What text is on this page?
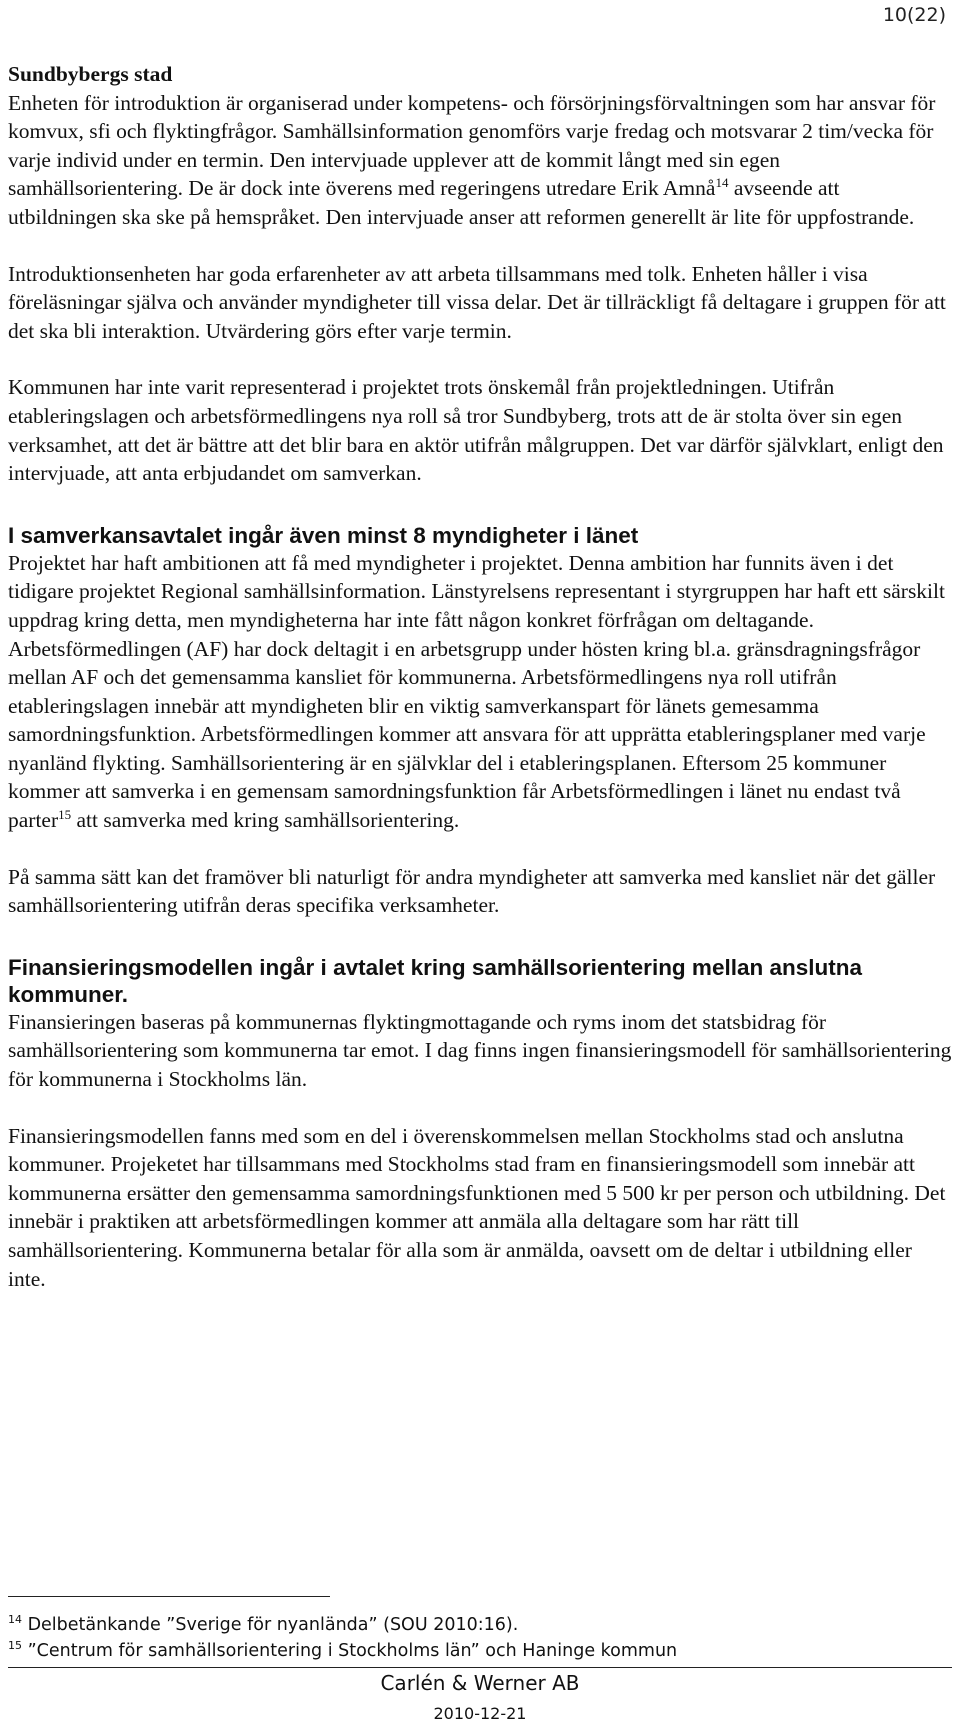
10(22)
Sundbybergs stad

Enheten för introduktion är organiserad under kompetens- och försörjningsförvaltningen som har ansvar för komvux, sfi och flyktingfrågor. Samhällsinformation genomförs varje fredag och motsvarar 2 tim/vecka för varje individ under en termin. Den intervjuade upplever att de kommit långt med sin egen samhällsorientering. De är dock inte överens med regeringens utredare Erik Amnå$^{14}$ avseende att utbildningen ska ske på hemspråket. Den intervjuade anser att reformen generellt är lite för uppfostrande.

Introduktionsenheten har goda erfarenheter av att arbeta tillsammans med tolk. Enheten håller i visa föreläsningar själva och använder myndigheter till vissa delar. Det är tillräckligt få deltagare i gruppen för att det ska bli interaktion. Utvärdering görs efter varje termin.

Kommunen har inte varit representerad i projektet trots önskemål från projektledningen. Utifrån etableringslagen och arbetsförmedlingens nya roll så tror Sundbyberg, trots att de är stolta över sin egen verksamhet, att det är bättre att det blir bara en aktör utifrån målgruppen. Det var därför självklart, enligt den intervjuade, att anta erbjudandet om samverkan.

I samverkansavtalet ingår även minst 8 myndigheter i länet

Projektet har haft ambitionen att få med myndigheter i projektet. Denna ambition har funnits även i det tidigare projektet Regional samhällsinformation. Länstyrelsens representant i styrgruppen har haft ett särskilt uppdrag kring detta, men myndigheterna har inte fått någon konkret förfrågan om deltagande. Arbetsförmedlingen (AF) har dock deltagit i en arbetsgrupp under hösten kring bl.a. gränsdragningsfrågor mellan AF och det gemensamma kansliet för kommunerna. Arbetsförmedlingens nya roll utifrån etableringslagen innebär att myndigheten blir en viktig samverkanspart för länets gemesamma samordningsfunktion. Arbetsförmedlingen kommer att ansvara för att upprätta etableringsplaner med varje nyanländ flykting. Samhällsorientering är en självklar del i etableringsplanen. Eftersom 25 kommuner kommer att samverka i en gemensam samordningsfunktion får Arbetsförmedlingen i länet nu endast två parter$^{15}$ att samverka med kring samhällsorientering.

På samma sätt kan det framöver bli naturligt för andra myndigheter att samverka med kansliet när det gäller samhällsorientering utifrån deras specifika verksamheter.

Finansieringsmodellen ingår i avtalet kring samhällsorientering mellan anslutna kommuner.

Finansieringen baseras på kommunernas flyktingmottagande och ryms inom det statsbidrag för samhällsorientering som kommunerna tar emot. I dag finns ingen finansieringsmodell för samhällsorientering för kommunerna i Stockholms län.

Finansieringsmodellen fanns med som en del i överenskommelsen mellan Stockholms stad och anslutna kommuner. Projeketet har tillsammans med Stockholms stad fram en finansieringsmodell som innebär att kommunerna ersätter den gemensamma samordningsfunktionen med 5 500 kr per person och utbildning. Det innebär i praktiken att arbetsförmedlingen kommer att anmäla alla deltagare som har rätt till samhällsorientering. Kommunerna betalar för alla som är anmälda, oavsett om de deltar i utbildning eller inte.

$^{14}$ Delbetänkande ”Sverige för nyanlända” (SOU 2010:16).
$^{15}$ ”Centrum för samhällsorientering i Stockholms län” och Haninge kommun
Carlén & Werner AB
2010-12-21
